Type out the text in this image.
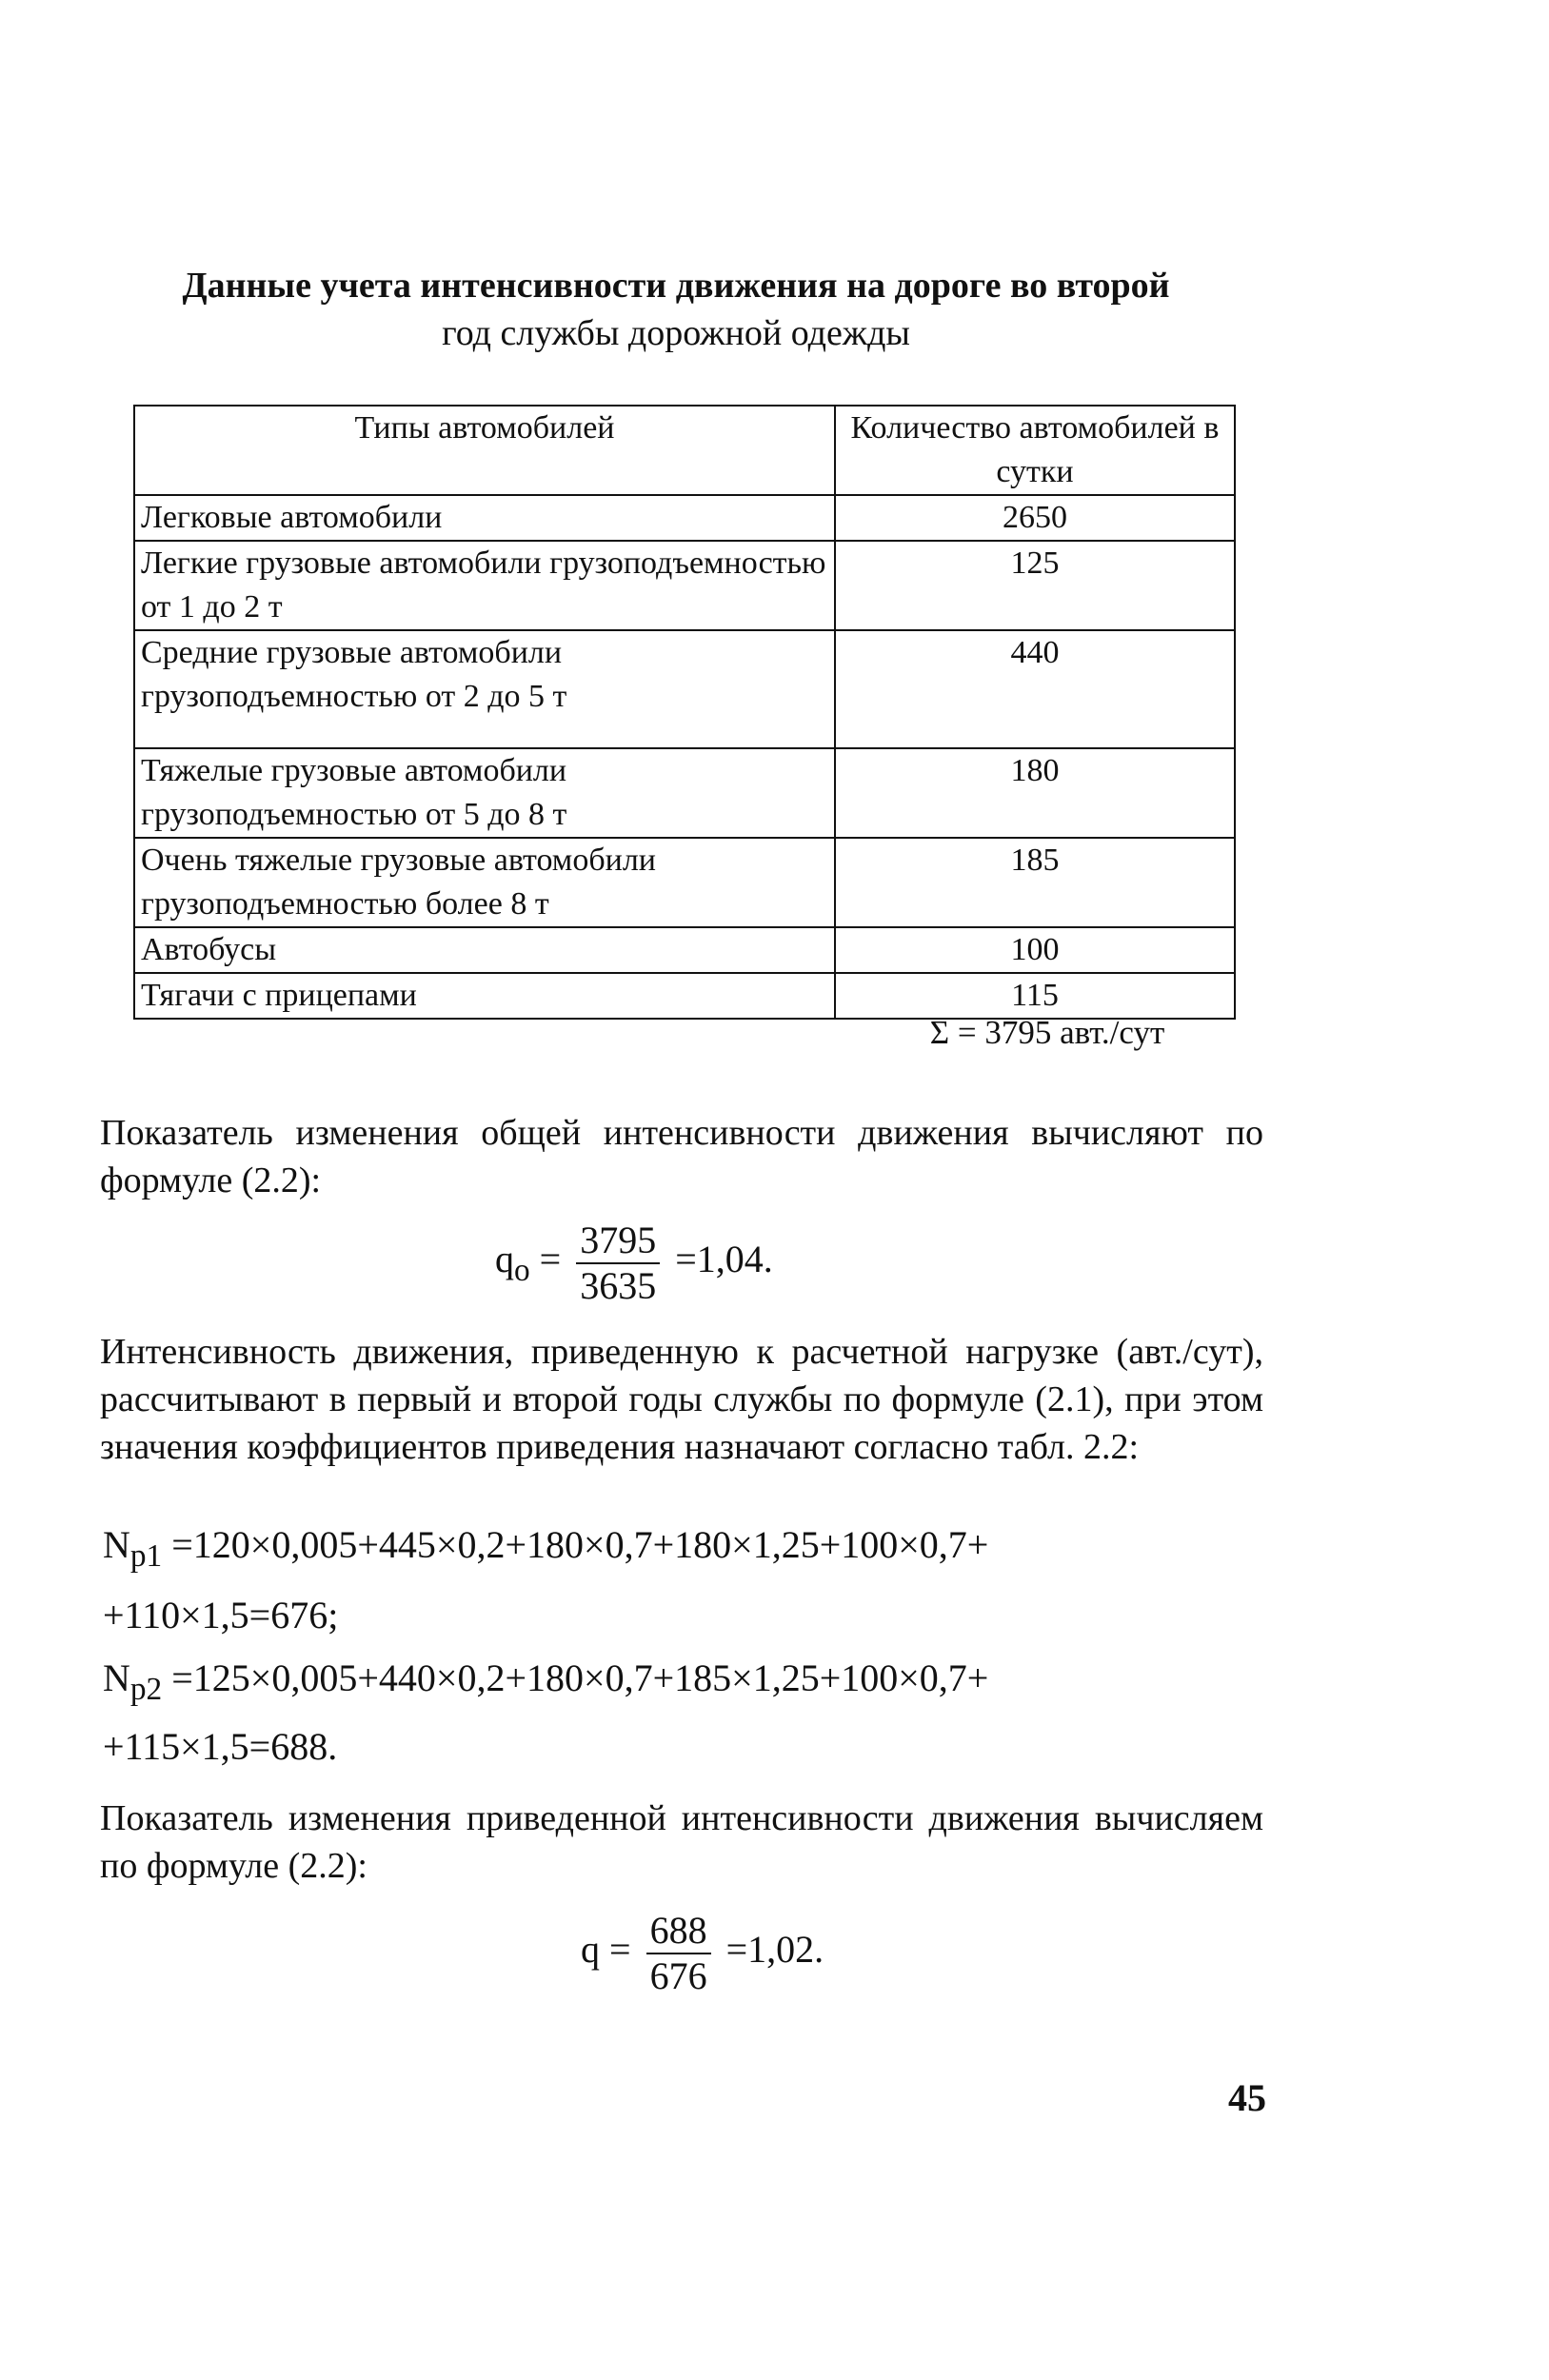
Данные учета интенсивности движения на дороге во второй
год службы дорожной одежды
Типы автомобилей	Количество автомобилей в сутки
Легковые автомобили	2650
Легкие грузовые автомобили грузоподъемностью от 1 до 2 т	125
Средние грузовые автомобили грузоподъемностью от 2 до 5 т	440
Тяжелые грузовые автомобили грузоподъемностью от 5 до 8 т	180
Очень тяжелые грузовые автомобили грузоподъемностью более 8 т	185
Автобусы	100
Тягачи с прицепами	115
Σ = 3795 авт./сут
Показатель изменения общей интенсивности движения вычисляют по формуле (2.2):
$q_о = \frac{3795}{3635} =1,04$.
Интенсивность движения, приведенную к расчетной нагрузке (авт./сут), рассчитывают в первый и второй годы службы по формуле (2.1), при этом значения коэффициентов приведения назначают согласно табл. 2.2:
$N_{p1} =120\times 0,005+445\times 0,2+180\times 0,7+180\times 1,25+100\times 0,7+$
+110×1,5=676;
$N_{p2} =125\times 0,005+440\times 0,2+180\times 0,7+185\times 1,25+100\times 0,7+$
+115×1,5=688.
Показатель изменения приведенной интенсивности движения вычисляем по формуле (2.2):
$q = \frac{688}{676} =1,02$.
45
